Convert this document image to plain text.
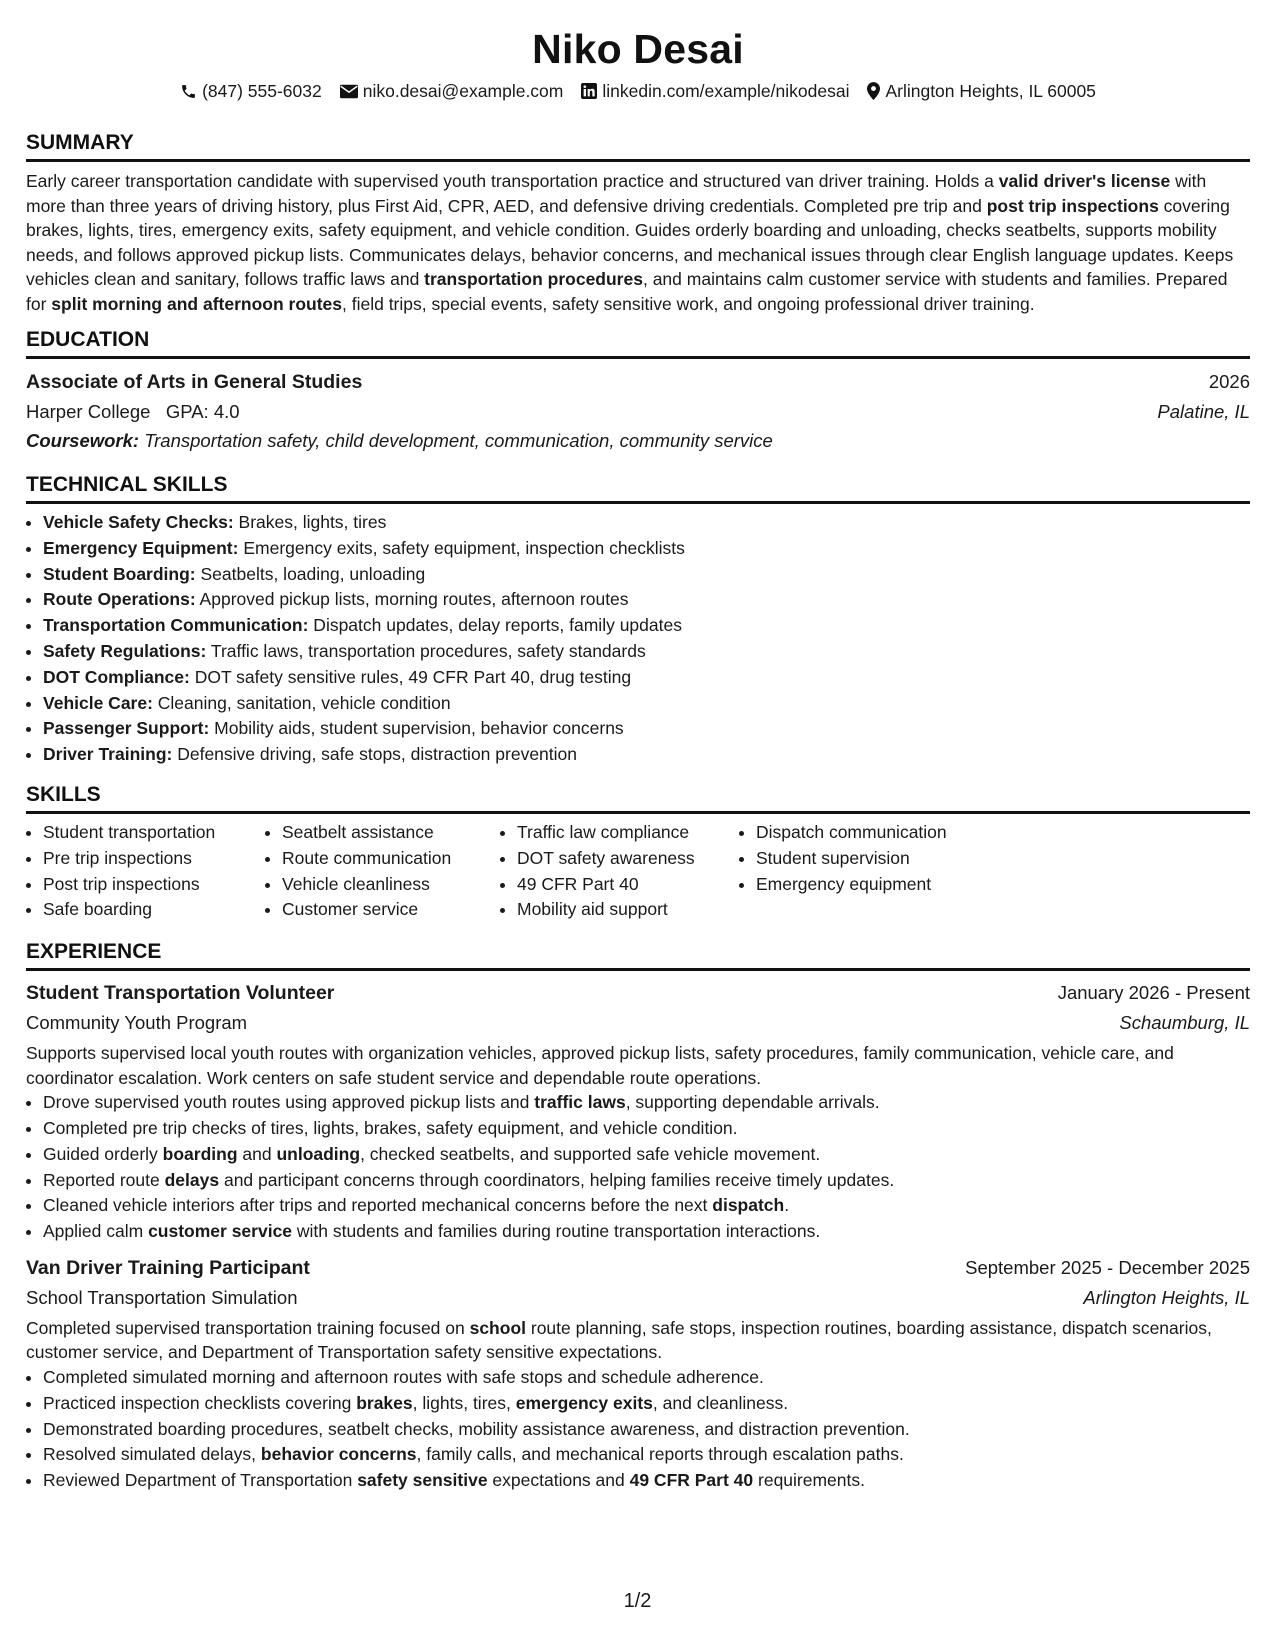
Niko Desai
(847) 555-6032 niko.desai@example.com linkedin.com/example/nikodesai Arlington Heights, IL 60005
SUMMARY
Early career transportation candidate with supervised youth transportation practice and structured van driver training. Holds a valid driver's license with more than three years of driving history, plus First Aid, CPR, AED, and defensive driving credentials. Completed pre trip and post trip inspections covering brakes, lights, tires, emergency exits, safety equipment, and vehicle condition. Guides orderly boarding and unloading, checks seatbelts, supports mobility needs, and follows approved pickup lists. Communicates delays, behavior concerns, and mechanical issues through clear English language updates. Keeps vehicles clean and sanitary, follows traffic laws and transportation procedures, and maintains calm customer service with students and families. Prepared for split morning and afternoon routes, field trips, special events, safety sensitive work, and ongoing professional driver training.
EDUCATION
Associate of Arts in General Studies	2026
Harper College   GPA: 4.0	Palatine, IL
Coursework: Transportation safety, child development, communication, community service
TECHNICAL SKILLS
• Vehicle Safety Checks: Brakes, lights, tires
• Emergency Equipment: Emergency exits, safety equipment, inspection checklists
• Student Boarding: Seatbelts, loading, unloading
• Route Operations: Approved pickup lists, morning routes, afternoon routes
• Transportation Communication: Dispatch updates, delay reports, family updates
• Safety Regulations: Traffic laws, transportation procedures, safety standards
• DOT Compliance: DOT safety sensitive rules, 49 CFR Part 40, drug testing
• Vehicle Care: Cleaning, sanitation, vehicle condition
• Passenger Support: Mobility aids, student supervision, behavior concerns
• Driver Training: Defensive driving, safe stops, distraction prevention
SKILLS
• Student transportation
• Pre trip inspections
• Post trip inspections
• Safe boarding
• Seatbelt assistance
• Route communication
• Vehicle cleanliness
• Customer service
• Traffic law compliance
• DOT safety awareness
• 49 CFR Part 40
• Mobility aid support
• Dispatch communication
• Student supervision
• Emergency equipment
EXPERIENCE
Student Transportation Volunteer	January 2026 - Present
Community Youth Program	Schaumburg, IL
Supports supervised local youth routes with organization vehicles, approved pickup lists, safety procedures, family communication, vehicle care, and coordinator escalation. Work centers on safe student service and dependable route operations.
• Drove supervised youth routes using approved pickup lists and traffic laws, supporting dependable arrivals.
• Completed pre trip checks of tires, lights, brakes, safety equipment, and vehicle condition.
• Guided orderly boarding and unloading, checked seatbelts, and supported safe vehicle movement.
• Reported route delays and participant concerns through coordinators, helping families receive timely updates.
• Cleaned vehicle interiors after trips and reported mechanical concerns before the next dispatch.
• Applied calm customer service with students and families during routine transportation interactions.
Van Driver Training Participant	September 2025 - December 2025
School Transportation Simulation	Arlington Heights, IL
Completed supervised transportation training focused on school route planning, safe stops, inspection routines, boarding assistance, dispatch scenarios, customer service, and Department of Transportation safety sensitive expectations.
• Completed simulated morning and afternoon routes with safe stops and schedule adherence.
• Practiced inspection checklists covering brakes, lights, tires, emergency exits, and cleanliness.
• Demonstrated boarding procedures, seatbelt checks, mobility assistance awareness, and distraction prevention.
• Resolved simulated delays, behavior concerns, family calls, and mechanical reports through escalation paths.
• Reviewed Department of Transportation safety sensitive expectations and 49 CFR Part 40 requirements.
1/2
